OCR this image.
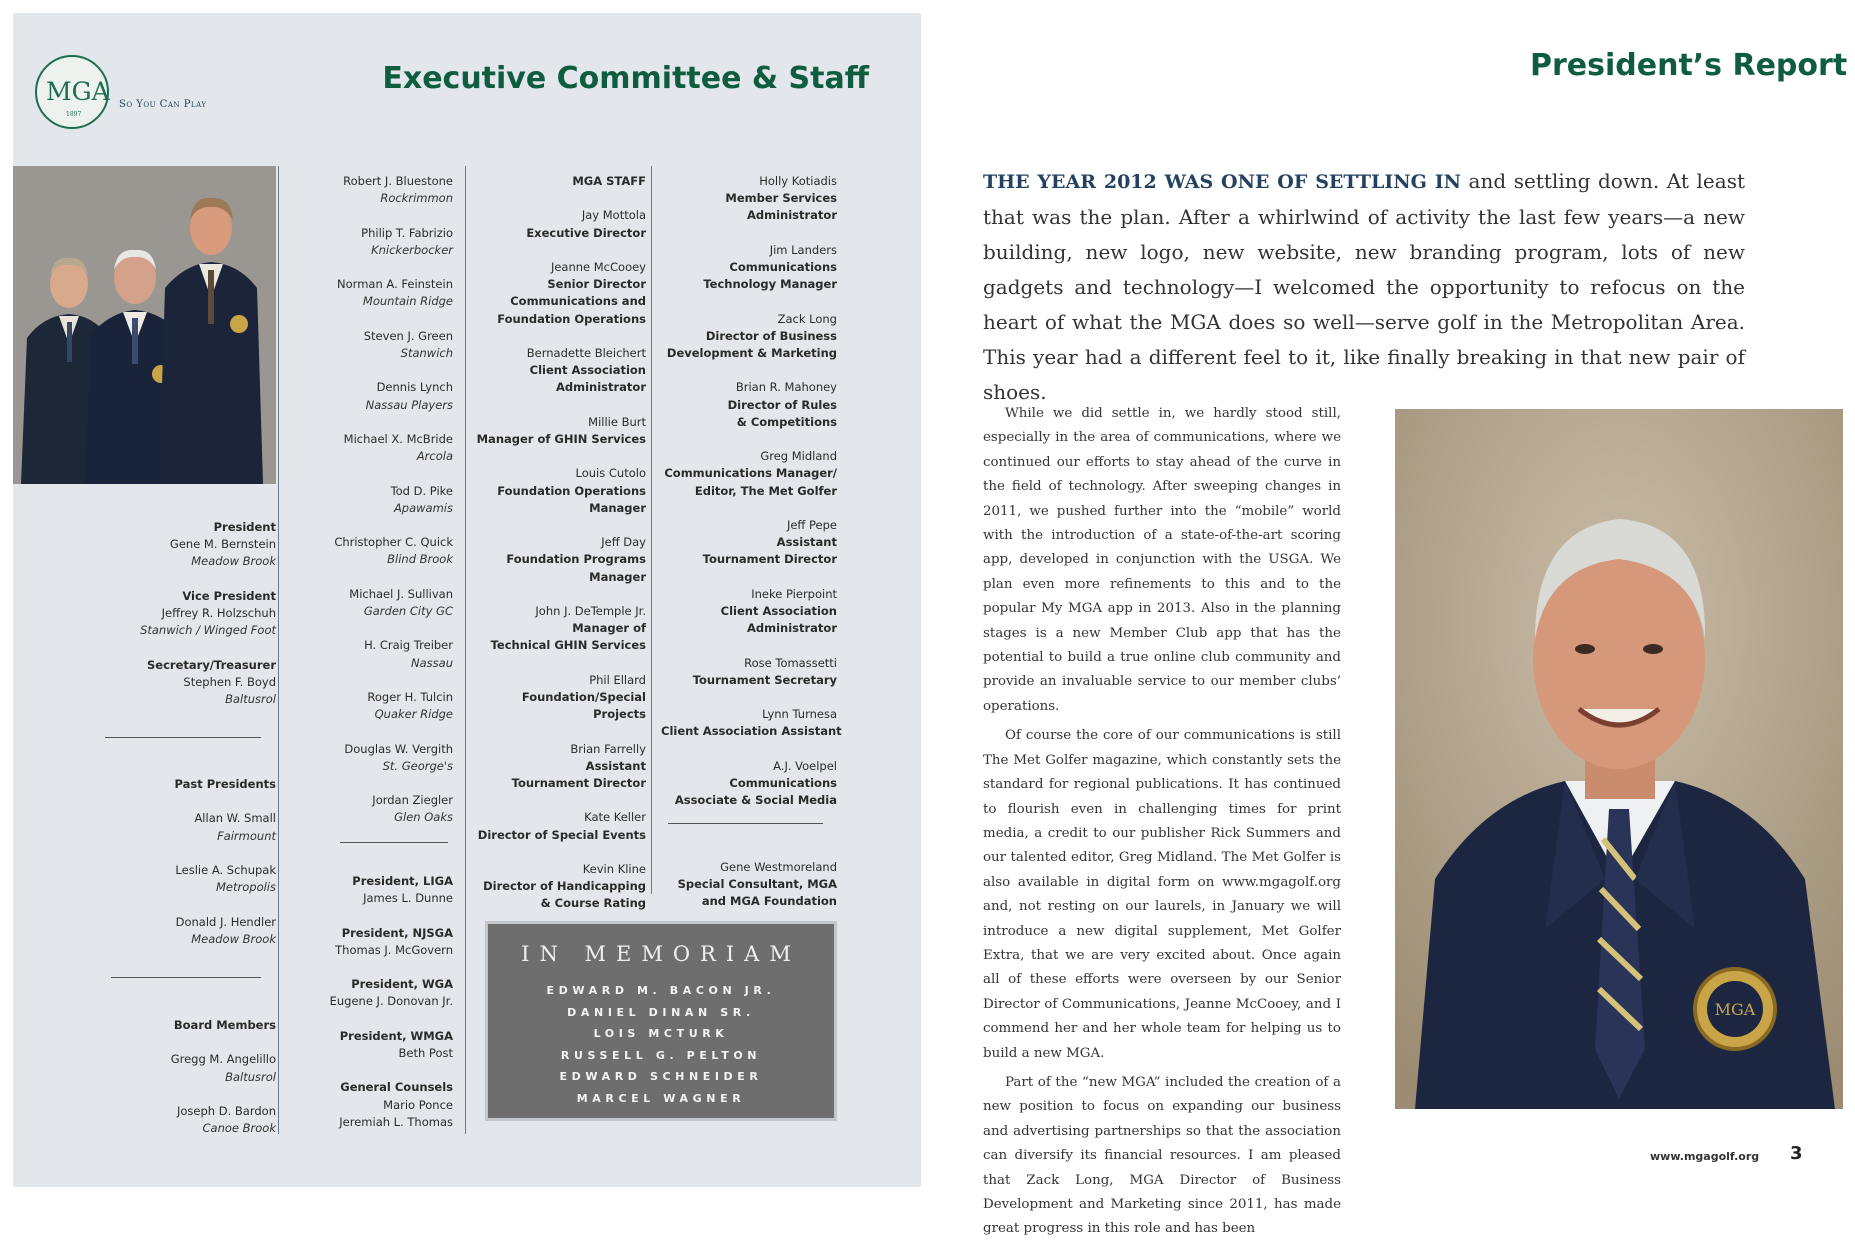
MGA
1897
So You Can Play
Executive Committee & Staff
President
Gene M. Bernstein
Meadow Brook
Vice President
Jeffrey R. Holzschuh
Stanwich / Winged Foot
Secretary/Treasurer
Stephen F. Boyd
Baltusrol
Past Presidents
Allan W. Small
Fairmount
Leslie A. Schupak
Metropolis
Donald J. Hendler
Meadow Brook
Board Members
Gregg M. Angelillo
Baltusrol
Joseph D. Bardon
Canoe Brook
Robert J. Bluestone
Rockrimmon
Philip T. Fabrizio
Knickerbocker
Norman A. Feinstein
Mountain Ridge
Steven J. Green
Stanwich
Dennis Lynch
Nassau Players
Michael X. McBride
Arcola
Tod D. Pike
Apawamis
Christopher C. Quick
Blind Brook
Michael J. Sullivan
Garden City GC
H. Craig Treiber
Nassau
Roger H. Tulcin
Quaker Ridge
Douglas W. Vergith
St. George's
Jordan Ziegler
Glen Oaks
President, LIGA
James L. Dunne
President, NJSGA
Thomas J. McGovern
President, WGA
Eugene J. Donovan Jr.
President, WMGA
Beth Post
General Counsels
Mario Ponce
Jeremiah L. Thomas
MGA STAFF
Jay Mottola
Executive Director
Jeanne McCooey
Senior Director
Communications and
Foundation Operations
Bernadette Bleichert
Client Association
Administrator
Millie Burt
Manager of GHIN Services
Louis Cutolo
Foundation Operations
Manager
Jeff Day
Foundation Programs
Manager
John J. DeTemple Jr.
Manager of
Technical GHIN Services
Phil Ellard
Foundation/Special
Projects
Brian Farrelly
Assistant
Tournament Director
Kate Keller
Director of Special Events
Kevin Kline
Director of Handicapping
& Course Rating
Holly Kotiadis
Member Services
Administrator
Jim Landers
Communications
Technology Manager
Zack Long
Director of Business
Development & Marketing
Brian R. Mahoney
Director of Rules
& Competitions
Greg Midland
Communications Manager/
Editor, The Met Golfer
Jeff Pepe
Assistant
Tournament Director
Ineke Pierpoint
Client Association
Administrator
Rose Tomassetti
Tournament Secretary
Lynn Turnesa
Client Association Assistant
A.J. Voelpel
Communications
Associate & Social Media
Gene Westmoreland
Special Consultant, MGA
and MGA Foundation
IN MEMORIAM
EDWARD M. BACON JR.
DANIEL DINAN SR.
LOIS MCTURK
RUSSELL G. PELTON
EDWARD SCHNEIDER
MARCEL WAGNER
President’s Report
THE YEAR 2012 WAS ONE OF SETTLING IN and settling down. At least that was the plan. After a whirlwind of activity the last few years—a new building, new logo, new website, new branding program, lots of new gadgets and technology—I welcomed the opportunity to refocus on the heart of what the MGA does so well—serve golf in the Metropolitan Area. This year had a different feel to it, like finally breaking in that new pair of shoes.

While we did settle in, we hardly stood still, especially in the area of communications, where we continued our efforts to stay ahead of the curve in the field of technology. After sweeping changes in 2011, we pushed further into the “mobile” world with the introduction of a state-of-the-art scoring app, developed in conjunction with the USGA. We plan even more refinements to this and to the popular My MGA app in 2013. Also in the planning stages is a new Member Club app that has the potential to build a true online club community and provide an invaluable service to our member clubs’ operations.

Of course the core of our communications is still The Met Golfer magazine, which constantly sets the standard for regional publications. It has continued to flourish even in challenging times for print media, a credit to our publisher Rick Summers and our talented editor, Greg Midland. The Met Golfer is also available in digital form on www.mgagolf.org and, not resting on our laurels, in January we will introduce a new digital supplement, Met Golfer Extra, that we are very excited about. Once again all of these efforts were overseen by our Senior Director of Communications, Jeanne McCooey, and I commend her and her whole team for helping us to build a new MGA.

Part of the “new MGA” included the creation of a new position to focus on expanding our business and advertising partnerships so that the association can diversify its financial resources. I am pleased that Zack Long, MGA Director of Business Development and Marketing since 2011, has made great progress in this role and has been

MGA
www.mgagolf.org 3
